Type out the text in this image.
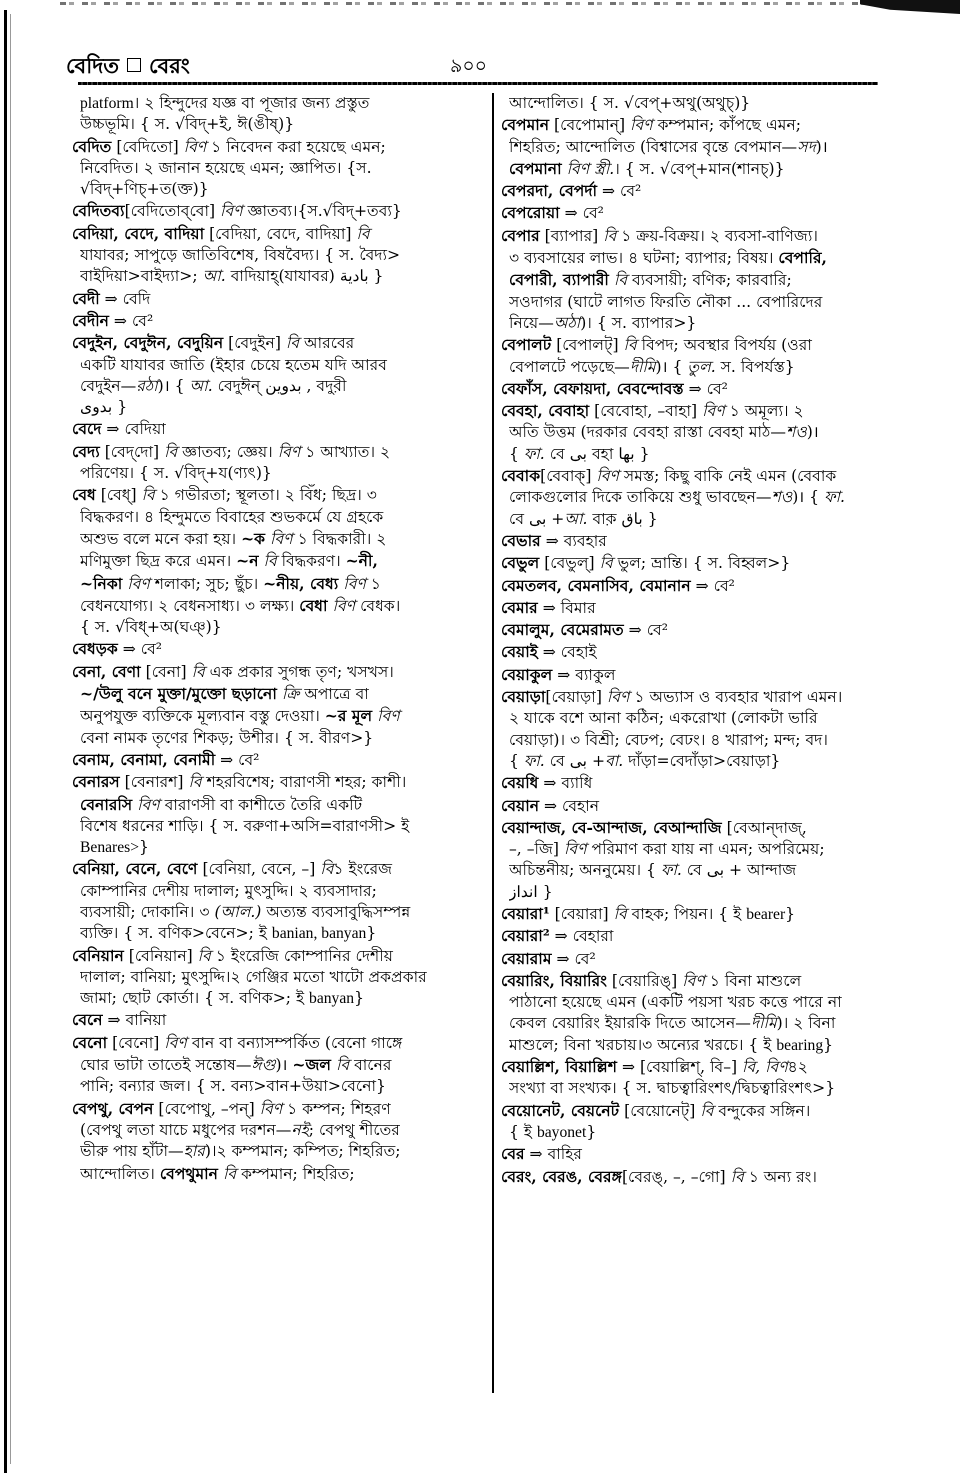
বেদিত বেরং	৯০০
platform। ২ হিন্দুদের যজ্ঞ বা পূজার জন্য প্রস্তুত
উচ্চভূমি। { স. √বিদ্‌+ই, ঈ(ঙীষ্‌)}
বেদিত [বেদিতো] বিণ ১ নিবেদন করা হয়েছে এমন;
নিবেদিত। ২ জানান হয়েছে এমন; জ্ঞাপিত। {স.
√বিদ্‌+ণিচ্‌+ত(ক্ত)}
বেদিতব্য[বেদিতোব্‌বো] বিণ জ্ঞাতব্য।{স.√বিদ্‌+তব্য}
বেদিয়া, বেদে, বাদিয়া [বেদিয়া, বেদে, বাদিয়া] বি
যাযাবর; সাপুড়ে জাতিবিশেষ, বিষবৈদ্য। { স. বৈদ্য>
বাইদিয়া>বাইদ্যা>; আ. বাদিয়াহ্‌(যাযাবর) بادية }
বেদী ⇒ বেদি
বেদীন ⇒ বে²
বেদুইন, বেদুঈন, বেদুয়িন [বেদুইন] বি আরবের
একটি যাযাবর জাতি (ইহার চেয়ে হতেম যদি আরব
বেদুইন—রঠা)। { আ. বেদুঈন্‌ بدوين , বদুব়ী
بدوى }
বেদে ⇒ বেদিয়া
বেদ্য [বেদ্‌দো] বি জ্ঞাতব্য; জ্ঞেয়। বিণ ১ আখ্যাত। ২
পরিণেয়। { স. √বিদ্‌+য(ণ্যৎ)}
বেধ [বেধ্‌] বি ১ গভীরতা; স্থূলতা। ২ বিঁধ; ছিদ্র। ৩
বিদ্ধকরণ। ৪ হিন্দুমতে বিবাহের শুভকর্মে যে গ্রহকে
অশুভ বলে মনে করা হয়। ~ক বিণ ১ বিদ্ধকারী। ২
মণিমুক্তা ছিদ্র করে এমন। ~ন বি বিদ্ধকরণ। ~নী,
~নিকা বিণ শলাকা; সুচ; ছুঁচ। ~নীয়, বেধ্য বিণ ১
বেধনযোগ্য। ২ বেধনসাধ্য। ৩ লক্ষ্য। বেধা বিণ বেধক।
{ স. √বিধ্‌+অ(ঘঞ্‌)}
বেধড়ক ⇒ বে²
বেনা, বেণা [বেনা] বি এক প্রকার সুগন্ধ তৃণ; খসখস।
~/উলু বনে মুক্তা/মুক্তো ছড়ানো ক্রি অপাত্রে বা
অনুপযুক্ত ব্যক্তিকে মূল্যবান বস্তু দেওয়া। ~র মূল বিণ
বেনা নামক তৃণের শিকড়; উশীর। { স. বীরণ>}
বেনাম, বেনামা, বেনামী ⇒ বে²
বেনারস [বেনারশ] বি শহরবিশেষ; বারাণসী শহর; কাশী।
বেনারসি বিণ বারাণসী বা কাশীতে তৈরি একটি
বিশেষ ধরনের শাড়ি। { স. বরুণা+অসি=বারাণসী> ই
Benares>}
বেনিয়া, বেনে, বেণে [বেনিয়া, বেনে, –] বি১ ইংরেজ
কোম্পানির দেশীয় দালাল; মুৎসুদ্দি। ২ ব্যবসাদার;
ব্যবসায়ী; দোকানি। ৩ (আল.) অত্যন্ত ব্যবসাবুদ্ধিসম্পন্ন
ব্যক্তি। { স. বণিক>বেনে>; ই banian, banyan}
বেনিয়ান [বেনিয়ান] বি ১ ইংরেজি কোম্পানির দেশীয়
দালাল; বানিয়া; মুৎসুদ্দি।২ গেঞ্জির মতো খাটো প্রকপ্রকার
জামা; ছোট কোর্তা। { স. বণিক>; ই banyan}
বেনে ⇒ বানিয়া
বেনো [বেনো] বিণ বান বা বন্যাসম্পর্কিত (বেনো গাঙ্গে
ঘোর ভাটা তাতেই সন্তোষ—ঈগু)। ~জল বি বানের
পানি; বন্যার জল। { স. বন্য>বান+উয়া>বেনো}
বেপথু, বেপন [বেপোথু, –পন্‌] বিণ ১ কম্পন; শিহরণ
(বেপথু লতা যাচে মধুপের দরশন—নই; বেপথু শীতের
ভীরু পায় হাঁটা—হার)।২ কম্পমান; কম্পিত; শিহরিত;
আন্দোলিত। বেপথুমান বি কম্পমান; শিহরিত;
আন্দোলিত। { স. √বেপ্‌+অথু(অথুচ্‌)}
বেপমান [বেপোমান্‌] বিণ কম্পমান; কাঁপছে এমন;
শিহরিত; আন্দোলিত (বিশ্বাসের বৃন্তে বেপমান—সদ)।
বেপমানা বিণ স্ত্রী.। { স. √বেপ্‌+মান(শানচ্‌)}
বেপরদা, বেপর্দা ⇒ বে²
বেপরোয়া ⇒ বে²
বেপার [ব্যাপার] বি ১ ক্রয়-বিক্রয়। ২ ব্যবসা-বাণিজ্য।
৩ ব্যবসায়ের লাভ। ৪ ঘটনা; ব্যাপার; বিষয়। বেপারি,
বেপারী, ব্যাপারী বি ব্যবসায়ী; বণিক; কারবারি;
সওদাগর (ঘাটে লাগত ফিরতি নৌকা ... বেপারিদের
নিয়ে—অঠা)। { স. ব্যাপার>}
বেপালট [বেপালট্‌] বি বিপদ; অবস্থার বিপর্যয় (ওরা
বেপালটে পড়েছে—দীমি)। { তুল. স. বিপর্যস্ত}
বেফাঁস, বেফায়দা, বেবন্দোবস্ত ⇒ বে²
বেবহা, বেবাহা [বেবোহা, –বাহা] বিণ ১ অমূল্য। ২
অতি উত্তম (দরকার বেবহা রাস্তা বেবহা মাঠ—শও)।
{ ফা. বে بى বহা بها }
বেবাক[বেবাক্‌] বিণ সমস্ত; কিছু বাকি নেই এমন (বেবাক
লোকগুলোর দিকে তাকিয়ে শুধু ভাবছেন—শও)। { ফা.
বে بى +আ. বাক় باق }
বেভার ⇒ ব্যবহার
বেভুল [বেভুল্‌] বি ভুল; ভ্রান্তি। { স. বিহ্বল>}
বেমতলব, বেমনাসিব, বেমানান ⇒ বে²
বেমার ⇒ বিমার
বেমালুম, বেমেরামত ⇒ বে²
বেয়াই ⇒ বেহাই
বেয়াকুল ⇒ ব্যাকুল
বেয়াড়া[বেয়াড়া] বিণ ১ অভ্যাস ও ব্যবহার খারাপ এমন।
২ যাকে বশে আনা কঠিন; একরোখা (লোকটা ভারি
বেয়াড়া)। ৩ বিশ্রী; বেঢপ; বেঢং। ৪ খারাপ; মন্দ; বদ।
{ ফা. বে بى +বা. দাঁড়া=বেদাঁড়া>বেয়াড়া}
বেয়ধি ⇒ ব্যাধি
বেয়ান ⇒ বেহান
বেয়ান্দাজ, বে-আন্দাজ, বেআন্দাজি [বেআন্‌দাজ্‌,
–, –জি] বিণ পরিমাণ করা যায় না এমন; অপরিমেয়;
অচিন্তনীয়; অননুমেয়। { ফা. বে بى + আন্দাজ
انداز }
বেয়ারা¹ [বেয়ারা] বি বাহক; পিয়ন। { ই bearer}
বেয়ারা² ⇒ বেহারা
বেয়ারাম ⇒ বে²
বেয়ারিং, বিয়ারিং [বেয়ারিঙ্‌] বিণ ১ বিনা মাশুলে
পাঠানো হয়েছে এমন (একটি পয়সা খরচ কত্তে পারে না
কেবল বেয়ারিং ইয়ারকি দিতে আসেন—দীমি)। ২ বিনা
মাশুলে; বিনা খরচায়।৩ অন্যের খরচে। { ই bearing}
বেয়াল্লিশ, বিয়াল্লিশ ⇒ [বেয়াল্লিশ্‌, বি–] বি, বিণ৪২
সংখ্যা বা সংখ্যক। { স. দ্বাচত্বারিংশৎ/দ্বিচত্বারিংশৎ>}
বেয়োনেট, বেয়নেট [বেয়োনেট্‌] বি বন্দুকের সঙ্গিন।
{ ই bayonet}
বের ⇒ বাহির
বেরং, বেরঙ, বেরঙ্গ[বেরঙ্‌, –, –গো] বি ১ অন্য রং।
